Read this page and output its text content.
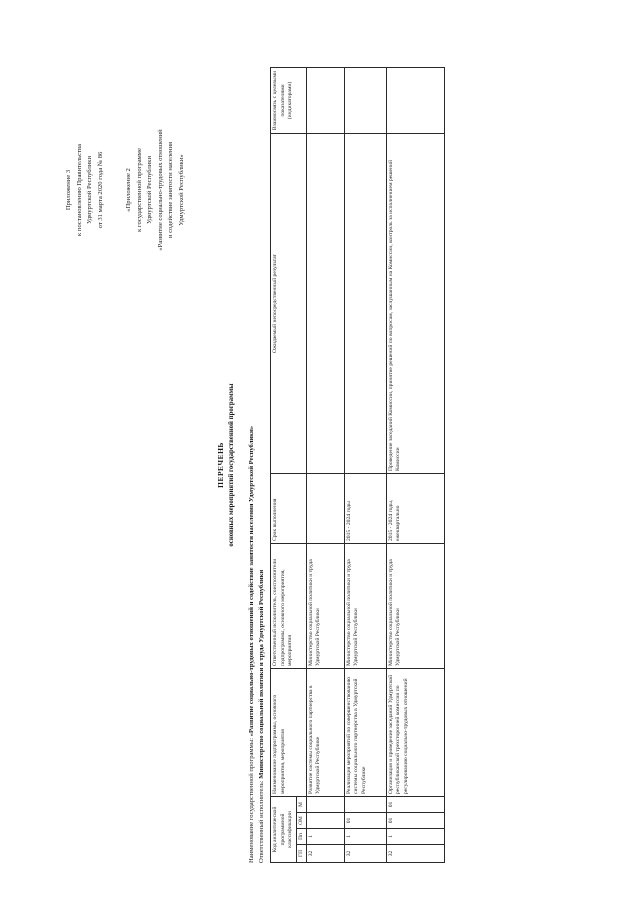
Приложение 3 к постановлению Правительства Удмуртской Республики от 31 марта 2020 года № 86	«Приложение 2 к государственной программе Удмуртской Республики «Развитие социально-трудовых отношений и содействие занятости населения Удмуртской Республики»

ПЕРЕЧЕНЬ основных мероприятий государственной программы
Наименование государственной программы: «Развитие социально-трудовых отношений и содействие занятости населения Удмуртской Республики»
Ответственный исполнитель: Министерство социальной политики и труда Удмуртской Республики
Код аналитической программной классификации				Наименование подпрограммы, основного мероприятия, мероприятия	Ответственный исполнитель, соисполнители подпрограммы, основного мероприятия, мероприятия	Срок выполнения	Ожидаемый непосредственный результат	Взаимосвязь с целевыми показателями (индикаторами)
ГП	Пп	ОМ	М					
32	1			Развитие системы социального партнерства в Удмуртской Республике	Министерство социальной политики и труда Удмуртской Республики			
32	1	01		Реализация мероприятий по совершенствованию системы социального партнерства в Удмуртской Республике	Министерство социальной политики и труда Удмуртской Республики	2015 - 2024 годы		
32	1	01	01	Организация и проведение заседаний Удмуртской республиканской трехсторонней комиссии по регулированию социально-трудовых отношений	Министерство социальной политики и труда Удмуртской Республики	2015 - 2024 годы, ежеквартально	Проведение заседаний Комиссии, принятие решений по вопросам, заслушанным на Комиссии, контроль за исполнением решений Комиссии	
